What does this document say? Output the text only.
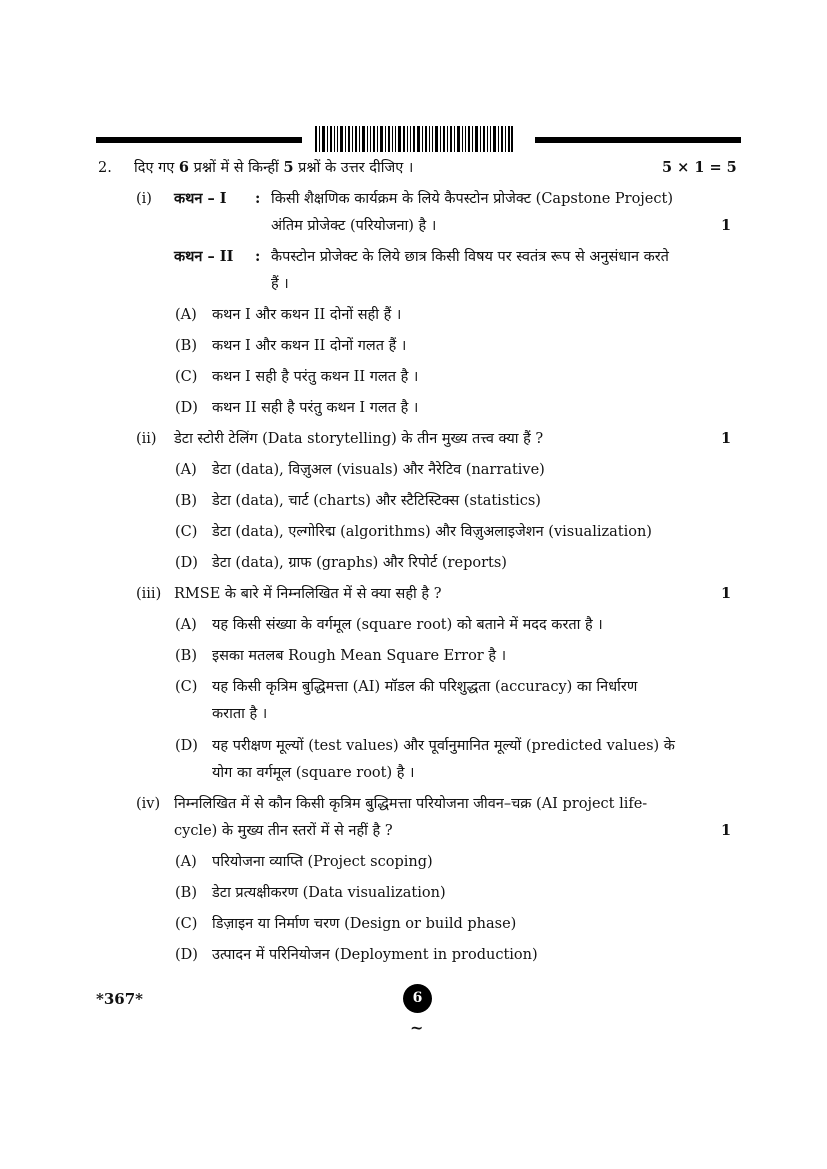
2. दिए गए 6 प्रश्नों में से किन्हीं 5 प्रश्नों के उत्तर दीजिए ।	5 × 1 = 5
(i) कथन – I : किसी शैक्षणिक कार्यक्रम के लिये कैपस्टोन प्रोजेक्ट (Capstone Project)
अंतिम प्रोजेक्ट (परियोजना) है ।	1
कथन – II : कैपस्टोन प्रोजेक्ट के लिये छात्र किसी विषय पर स्वतंत्र रूप से अनुसंधान करते
हैं ।
(A) कथन I और कथन II दोनों सही हैं ।
(B) कथन I और कथन II दोनों गलत हैं ।
(C) कथन I सही है परंतु कथन II गलत है ।
(D) कथन II सही है परंतु कथन I गलत है ।
(ii) डेटा स्टोरी टेलिंग (Data storytelling) के तीन मुख्य तत्त्व क्या हैं ?	1
(A) डेटा (data), विज़ुअल (visuals) और नैरेटिव (narrative)
(B) डेटा (data), चार्ट (charts) और स्टैटिस्टिक्स (statistics)
(C) डेटा (data), एल्गोरिद्म (algorithms) और विज़ुअलाइजेशन (visualization)
(D) डेटा (data), ग्राफ (graphs) और रिपोर्ट (reports)
(iii) RMSE के बारे में निम्नलिखित में से क्या सही है ?	1
(A) यह किसी संख्या के वर्गमूल (square root) को बताने में मदद करता है ।
(B) इसका मतलब Rough Mean Square Error है ।
(C) यह किसी कृत्रिम बुद्धिमत्ता (AI) मॉडल की परिशुद्धता (accuracy) का निर्धारण
कराता है ।
(D) यह परीक्षण मूल्यों (test values) और पूर्वानुमानित मूल्यों (predicted values) के
योग का वर्गमूल (square root) है ।
(iv) निम्नलिखित में से कौन किसी कृत्रिम बुद्धिमत्ता परियोजना जीवन–चक्र (AI project life-
cycle) के मुख्य तीन स्तरों में से नहीं है ?	1
(A) परियोजना व्याप्ति (Project scoping)
(B) डेटा प्रत्यक्षीकरण (Data visualization)
(C) डिज़ाइन या निर्माण चरण (Design or build phase)
(D) उत्पादन में परिनियोजन (Deployment in production)
*367*	6
~
